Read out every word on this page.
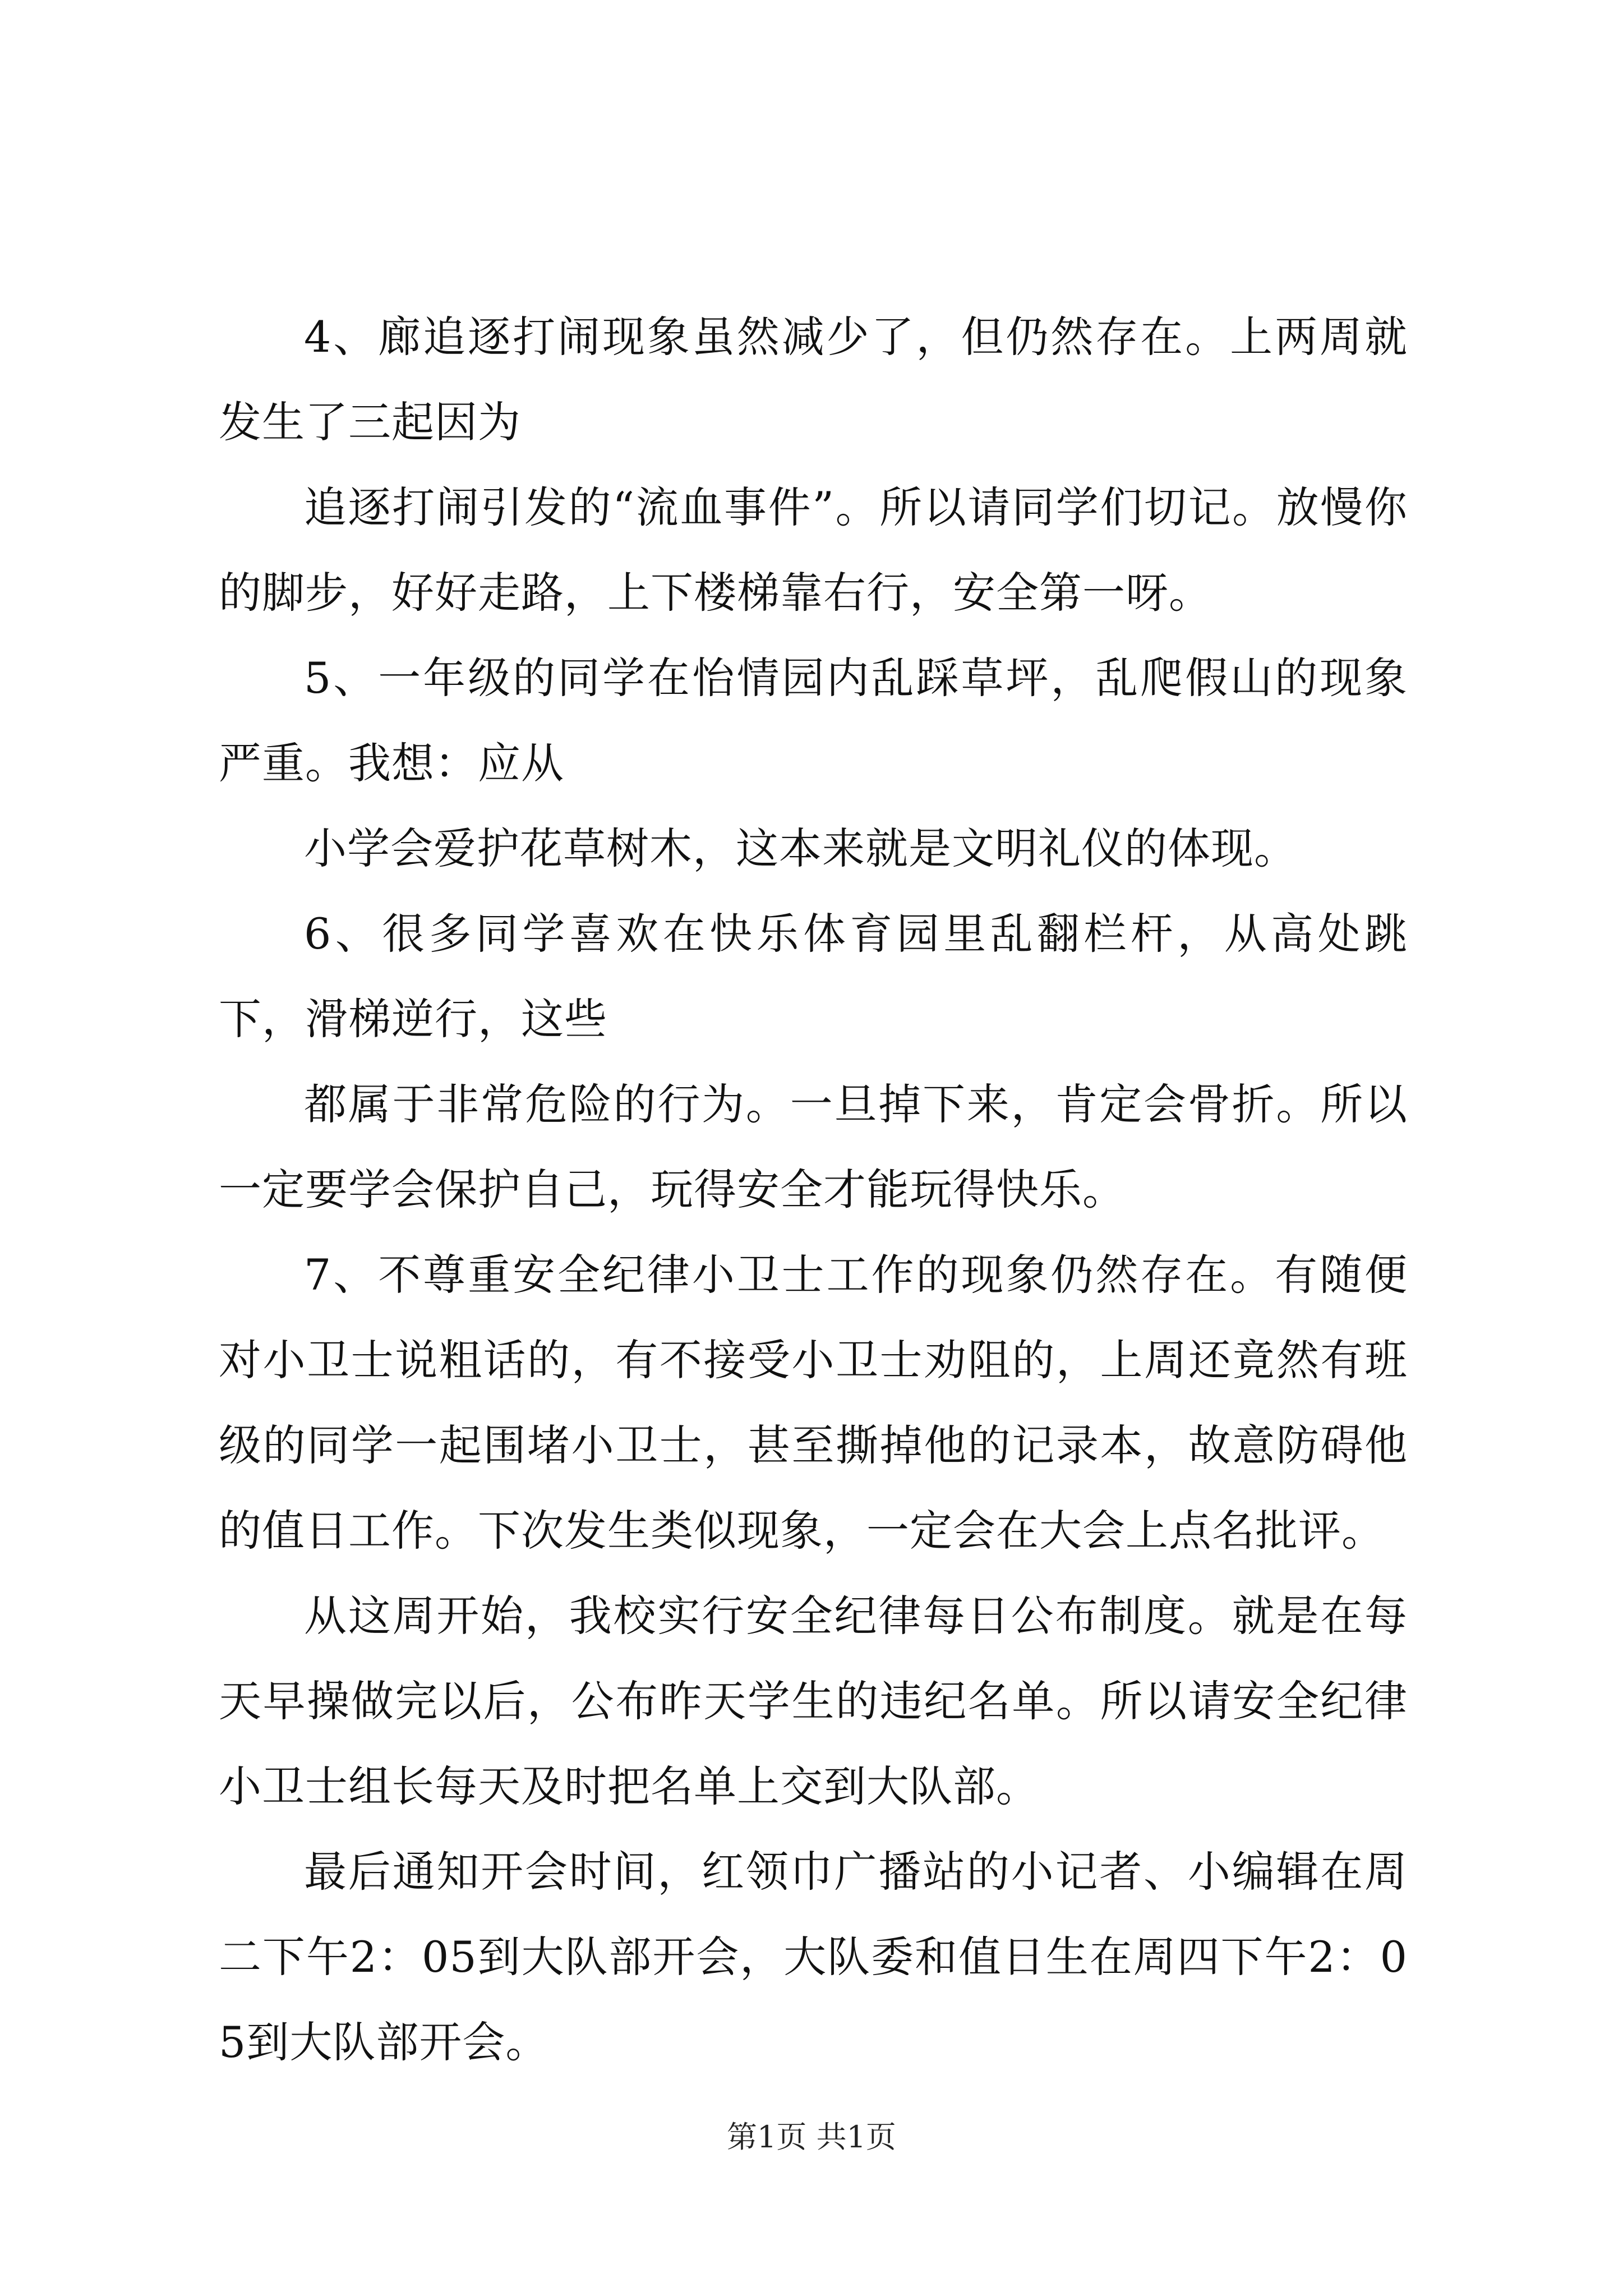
4、廊追逐打闹现象虽然减少了，但仍然存在。上两周就发生了三起因为

追逐打闹引发的“流血事件”。所以请同学们切记。放慢你的脚步，好好走路，上下楼梯靠右行，安全第一呀。

5、一年级的同学在怡情园内乱踩草坪，乱爬假山的现象严重。我想：应从

小学会爱护花草树木，这本来就是文明礼仪的体现。

6、很多同学喜欢在快乐体育园里乱翻栏杆，从高处跳下，滑梯逆行，这些

都属于非常危险的行为。一旦掉下来，肯定会骨折。所以一定要学会保护自己，玩得安全才能玩得快乐。

7、不尊重安全纪律小卫士工作的现象仍然存在。有随便对小卫士说粗话的，有不接受小卫士劝阻的，上周还竟然有班级的同学一起围堵小卫士，甚至撕掉他的记录本，故意防碍他的值日工作。下次发生类似现象，一定会在大会上点名批评。

从这周开始，我校实行安全纪律每日公布制度。就是在每天早操做完以后，公布昨天学生的违纪名单。所以请安全纪律小卫士组长每天及时把名单上交到大队部。

最后通知开会时间，红领巾广播站的小记者、小编辑在周二下午2：05到大队部开会，大队委和值日生在周四下午2：05到大队部开会。

第1页 共1页
